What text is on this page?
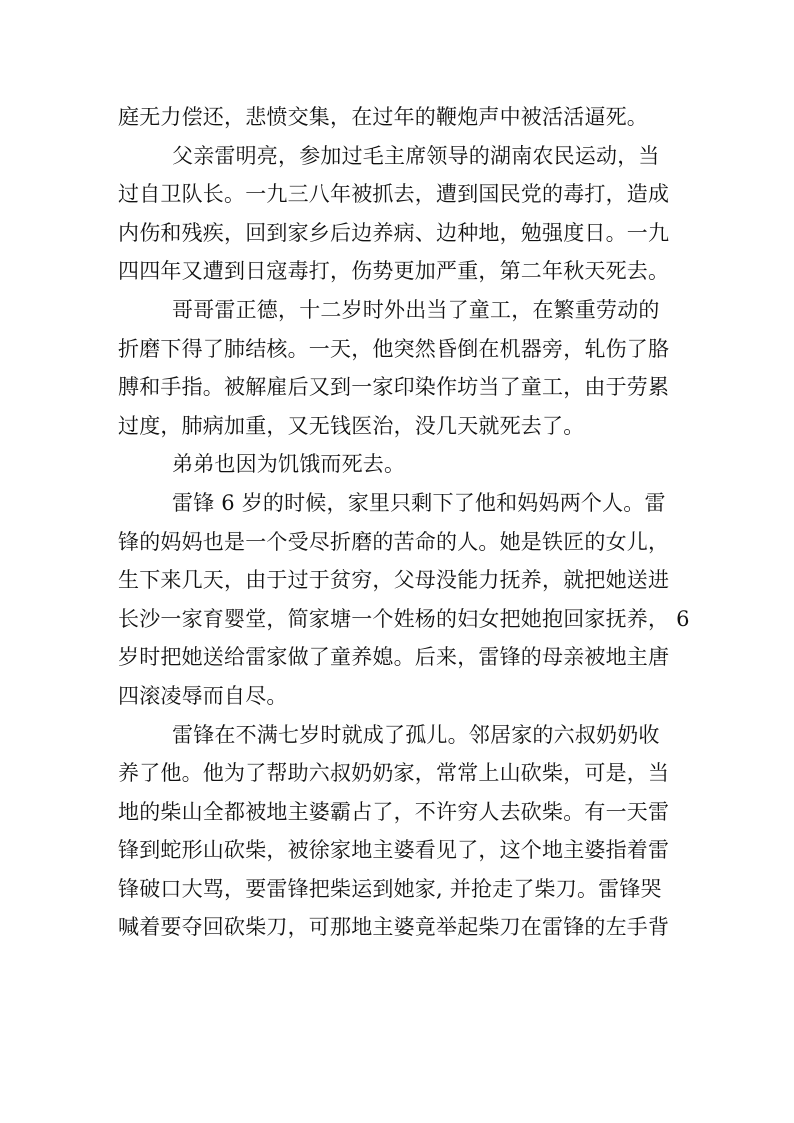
庭无力偿还，悲愤交集，在过年的鞭炮声中被活活逼死。
父亲雷明亮，参加过毛主席领导的湖南农民运动，当
过自卫队长。一九三八年被抓去，遭到国民党的毒打，造成
内伤和残疾，回到家乡后边养病、边种地，勉强度日。一九
四四年又遭到日寇毒打，伤势更加严重，第二年秋天死去。
哥哥雷正德，十二岁时外出当了童工，在繁重劳动的
折磨下得了肺结核。一天，他突然昏倒在机器旁，轧伤了胳
膊和手指。被解雇后又到一家印染作坊当了童工，由于劳累
过度，肺病加重，又无钱医治，没几天就死去了。
弟弟也因为饥饿而死去。
雷锋 6 岁的时候，家里只剩下了他和妈妈两个人。雷
锋的妈妈也是一个受尽折磨的苦命的人。她是铁匠的女儿，
生下来几天，由于过于贫穷，父母没能力抚养，就把她送进
长沙一家育婴堂，简家塘一个姓杨的妇女把她抱回家抚养， 6
岁时把她送给雷家做了童养媳。后来，雷锋的母亲被地主唐
四滚凌辱而自尽。
雷锋在不满七岁时就成了孤儿。邻居家的六叔奶奶收
养了他。他为了帮助六叔奶奶家，常常上山砍柴，可是，当
地的柴山全都被地主婆霸占了，不许穷人去砍柴。有一天雷
锋到蛇形山砍柴，被徐家地主婆看见了，这个地主婆指着雷
锋破口大骂，要雷锋把柴运到她家, 并抢走了柴刀。雷锋哭
喊着要夺回砍柴刀，可那地主婆竟举起柴刀在雷锋的左手背
